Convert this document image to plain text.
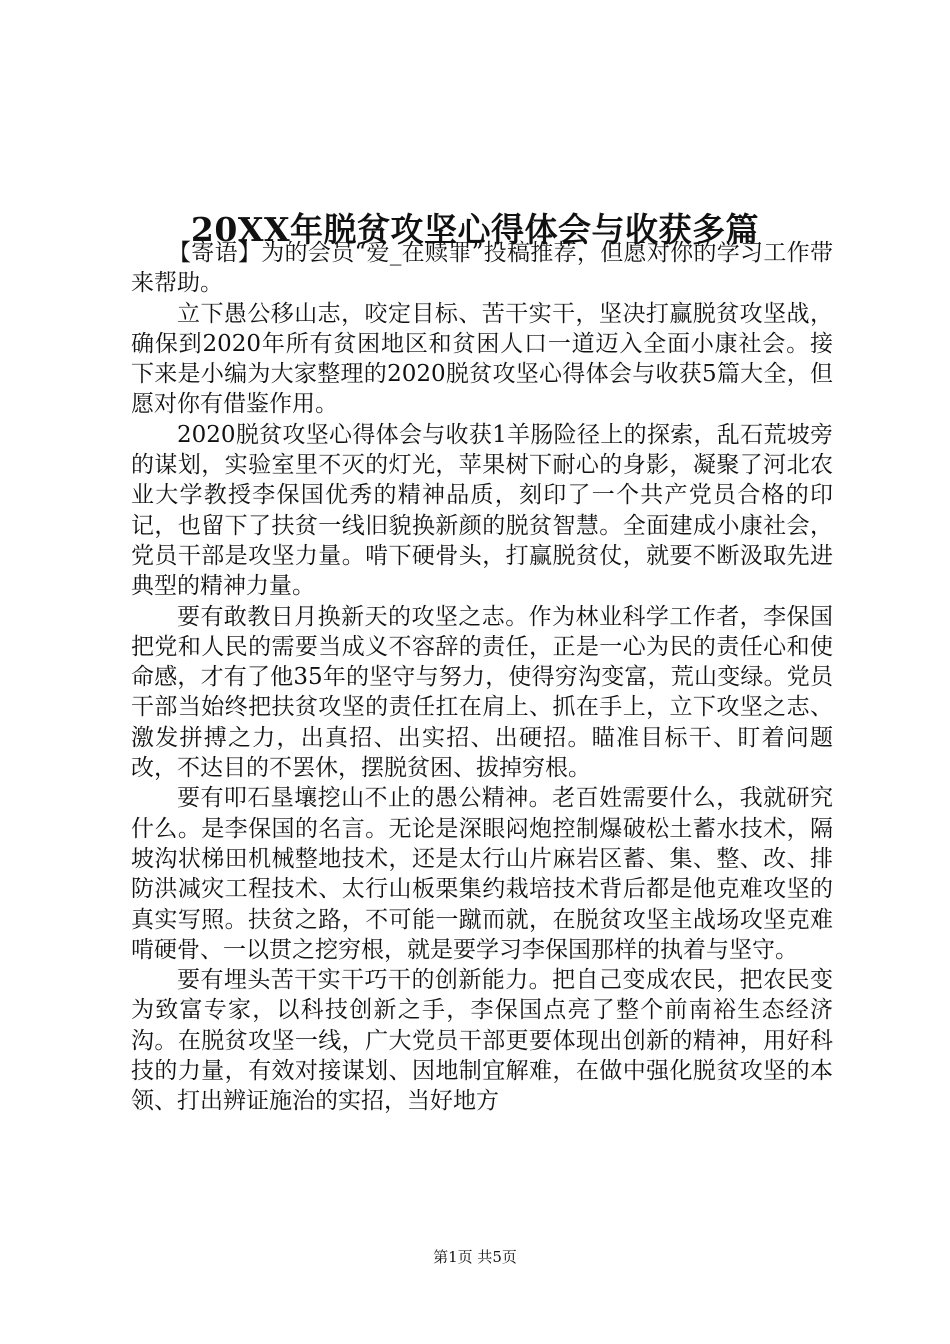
20XX年脱贫攻坚心得体会与收获多篇

【寄语】为的会员“爱_在赎罪”投稿推荐，但愿对你的学习工作带来帮助。

立下愚公移山志，咬定目标、苦干实干，坚决打赢脱贫攻坚战，确保到2020年所有贫困地区和贫困人口一道迈入全面小康社会。接下来是小编为大家整理的2020脱贫攻坚心得体会与收获5篇大全，但愿对你有借鉴作用。

2020脱贫攻坚心得体会与收获1羊肠险径上的探索，乱石荒坡旁的谋划，实验室里不灭的灯光，苹果树下耐心的身影，凝聚了河北农业大学教授李保国优秀的精神品质，刻印了一个共产党员合格的印记，也留下了扶贫一线旧貌换新颜的脱贫智慧。全面建成小康社会，党员干部是攻坚力量。啃下硬骨头，打赢脱贫仗，就要不断汲取先进典型的精神力量。

要有敢教日月换新天的攻坚之志。作为林业科学工作者，李保国把党和人民的需要当成义不容辞的责任，正是一心为民的责任心和使命感，才有了他35年的坚守与努力，使得穷沟变富，荒山变绿。党员干部当始终把扶贫攻坚的责任扛在肩上、抓在手上，立下攻坚之志、激发拼搏之力，出真招、出实招、出硬招。瞄准目标干、盯着问题改，不达目的不罢休，摆脱贫困、拔掉穷根。

要有叩石垦壤挖山不止的愚公精神。老百姓需要什么，我就研究什么。是李保国的名言。无论是深眼闷炮控制爆破松土蓄水技术，隔坡沟状梯田机械整地技术，还是太行山片麻岩区蓄、集、整、改、排防洪减灾工程技术、太行山板栗集约栽培技术背后都是他克难攻坚的真实写照。扶贫之路，不可能一蹴而就，在脱贫攻坚主战场攻坚克难啃硬骨、一以贯之挖穷根，就是要学习李保国那样的执着与坚守。

要有埋头苦干实干巧干的创新能力。把自己变成农民，把农民变为致富专家，以科技创新之手，李保国点亮了整个前南裕生态经济沟。在脱贫攻坚一线，广大党员干部更要体现出创新的精神，用好科技的力量，有效对接谋划、因地制宜解难，在做中强化脱贫攻坚的本领、打出辨证施治的实招，当好地方

第1页 共5页
